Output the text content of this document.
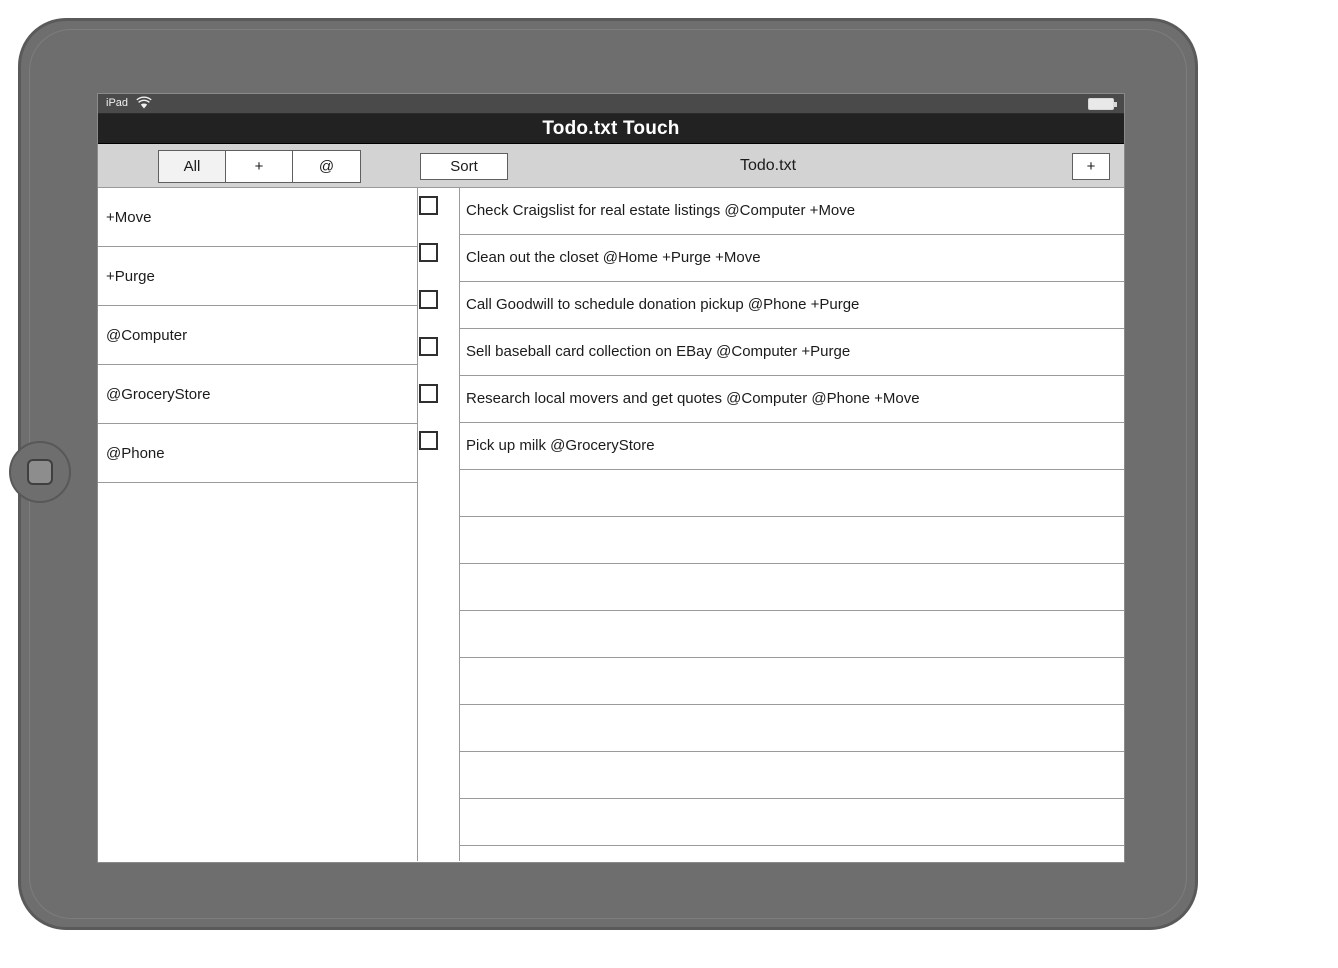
iPad
Todo.txt Touch
All	+	@	Sort	Todo.txt	+
+Move
+Purge
@Computer
@GroceryStore
@Phone
Check Craigslist for real estate listings @Computer +Move
Clean out the closet @Home +Purge +Move
Call Goodwill to schedule donation pickup @Phone +Purge
Sell baseball card collection on EBay @Computer +Purge
Research local movers and get quotes @Computer @Phone +Move
Pick up milk @GroceryStore
